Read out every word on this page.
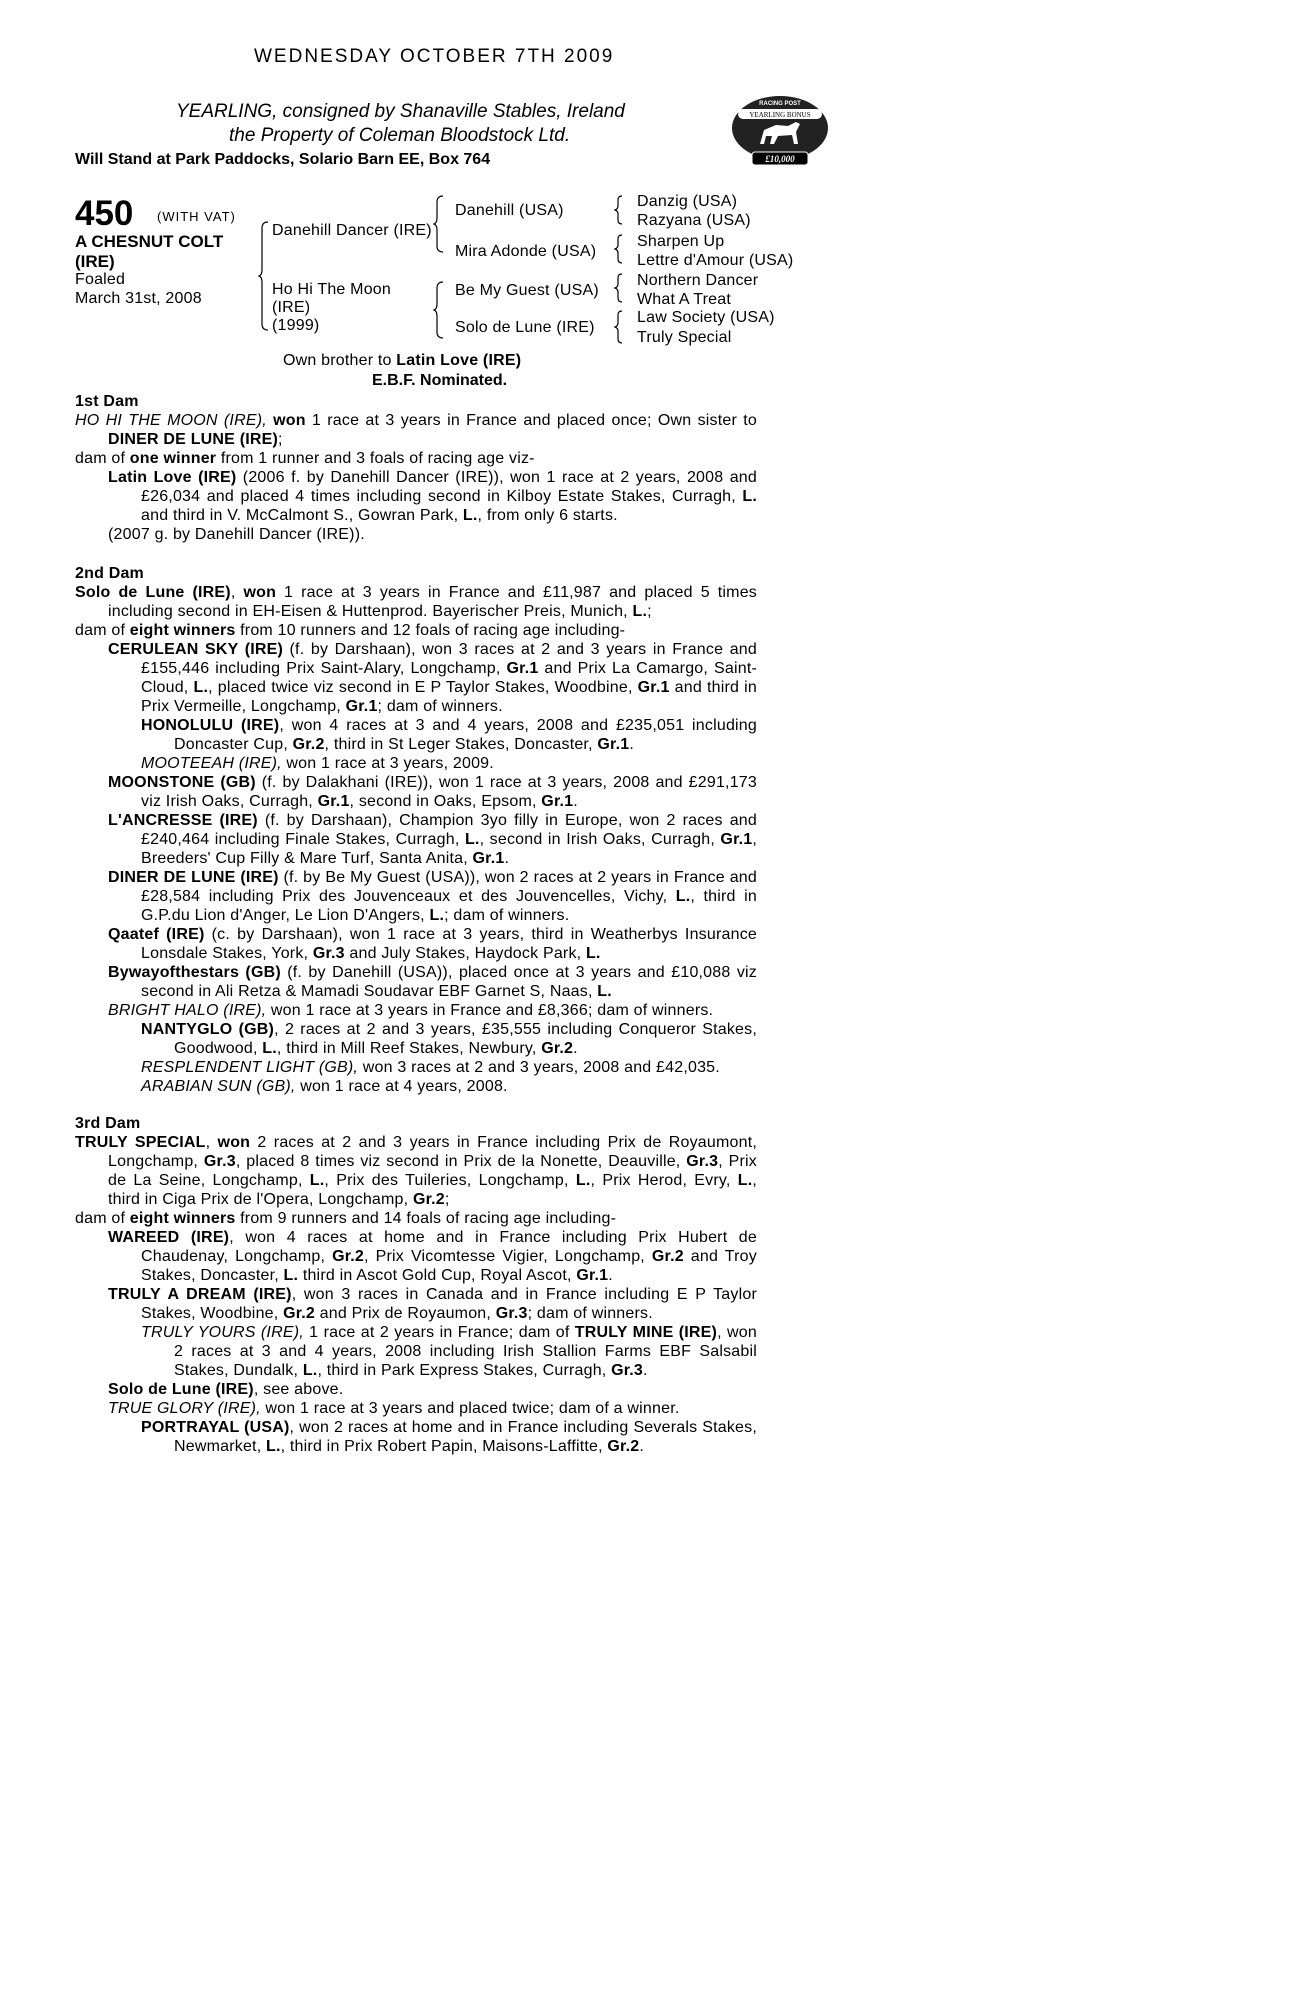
WEDNESDAY OCTOBER 7TH 2009
YEARLING, consigned by Shanaville Stables, Ireland
the Property of Coleman Bloodstock Ltd.
Will Stand at Park Paddocks, Solario Barn EE, Box 764
RACING POST
YEARLING BONUS
£10,000
450 (WITH VAT)
A CHESNUT COLT
(IRE)
Foaled
March 31st, 2008
Danehill Dancer (IRE)
Ho Hi The Moon
(IRE)
(1999)
Danehill (USA)
Mira Adonde (USA)
Be My Guest (USA)
Solo de Lune (IRE)
Danzig (USA)
Razyana (USA)
Sharpen Up
Lettre d'Amour (USA)
Northern Dancer
What A Treat
Law Society (USA)
Truly Special
Own brother to Latin Love (IRE)
E.B.F. Nominated.
1st Dam

HO HI THE MOON (IRE), won 1 race at 3 years in France and placed once; Own sister to DINER DE LUNE (IRE);

dam of one winner from 1 runner and 3 foals of racing age viz-

Latin Love (IRE) (2006 f. by Danehill Dancer (IRE)), won 1 race at 2 years, 2008 and £26,034 and placed 4 times including second in Kilboy Estate Stakes, Curragh, L. and third in V. McCalmont S., Gowran Park, L., from only 6 starts.

(2007 g. by Danehill Dancer (IRE)).

2nd Dam

Solo de Lune (IRE), won 1 race at 3 years in France and £11,987 and placed 5 times including second in EH-Eisen & Huttenprod. Bayerischer Preis, Munich, L.;

dam of eight winners from 10 runners and 12 foals of racing age including-

CERULEAN SKY (IRE) (f. by Darshaan), won 3 races at 2 and 3 years in France and £155,446 including Prix Saint-Alary, Longchamp, Gr.1 and Prix La Camargo, Saint-Cloud, L., placed twice viz second in E P Taylor Stakes, Woodbine, Gr.1 and third in Prix Vermeille, Longchamp, Gr.1; dam of winners.

HONOLULU (IRE), won 4 races at 3 and 4 years, 2008 and £235,051 including Doncaster Cup, Gr.2, third in St Leger Stakes, Doncaster, Gr.1.

MOOTEEAH (IRE), won 1 race at 3 years, 2009.

MOONSTONE (GB) (f. by Dalakhani (IRE)), won 1 race at 3 years, 2008 and £291,173 viz Irish Oaks, Curragh, Gr.1, second in Oaks, Epsom, Gr.1.

L'ANCRESSE (IRE) (f. by Darshaan), Champion 3yo filly in Europe, won 2 races and £240,464 including Finale Stakes, Curragh, L., second in Irish Oaks, Curragh, Gr.1, Breeders' Cup Filly & Mare Turf, Santa Anita, Gr.1.

DINER DE LUNE (IRE) (f. by Be My Guest (USA)), won 2 races at 2 years in France and £28,584 including Prix des Jouvenceaux et des Jouvencelles, Vichy, L., third in G.P.du Lion d'Anger, Le Lion D'Angers, L.; dam of winners.

Qaatef (IRE) (c. by Darshaan), won 1 race at 3 years, third in Weatherbys Insurance Lonsdale Stakes, York, Gr.3 and July Stakes, Haydock Park, L.

Bywayofthestars (GB) (f. by Danehill (USA)), placed once at 3 years and £10,088 viz second in Ali Retza & Mamadi Soudavar EBF Garnet S, Naas, L.

BRIGHT HALO (IRE), won 1 race at 3 years in France and £8,366; dam of winners.

NANTYGLO (GB), 2 races at 2 and 3 years, £35,555 including Conqueror Stakes, Goodwood, L., third in Mill Reef Stakes, Newbury, Gr.2.

RESPLENDENT LIGHT (GB), won 3 races at 2 and 3 years, 2008 and £42,035.

ARABIAN SUN (GB), won 1 race at 4 years, 2008.

3rd Dam

TRULY SPECIAL, won 2 races at 2 and 3 years in France including Prix de Royaumont, Longchamp, Gr.3, placed 8 times viz second in Prix de la Nonette, Deauville, Gr.3, Prix de La Seine, Longchamp, L., Prix des Tuileries, Longchamp, L., Prix Herod, Evry, L., third in Ciga Prix de l'Opera, Longchamp, Gr.2;

dam of eight winners from 9 runners and 14 foals of racing age including-

WAREED (IRE), won 4 races at home and in France including Prix Hubert de Chaudenay, Longchamp, Gr.2, Prix Vicomtesse Vigier, Longchamp, Gr.2 and Troy Stakes, Doncaster, L. third in Ascot Gold Cup, Royal Ascot, Gr.1.

TRULY A DREAM (IRE), won 3 races in Canada and in France including E P Taylor Stakes, Woodbine, Gr.2 and Prix de Royaumon, Gr.3; dam of winners.

TRULY YOURS (IRE), 1 race at 2 years in France; dam of TRULY MINE (IRE), won 2 races at 3 and 4 years, 2008 including Irish Stallion Farms EBF Salsabil Stakes, Dundalk, L., third in Park Express Stakes, Curragh, Gr.3.

Solo de Lune (IRE), see above.

TRUE GLORY (IRE), won 1 race at 3 years and placed twice; dam of a winner.

PORTRAYAL (USA), won 2 races at home and in France including Severals Stakes, Newmarket, L., third in Prix Robert Papin, Maisons-Laffitte, Gr.2.
